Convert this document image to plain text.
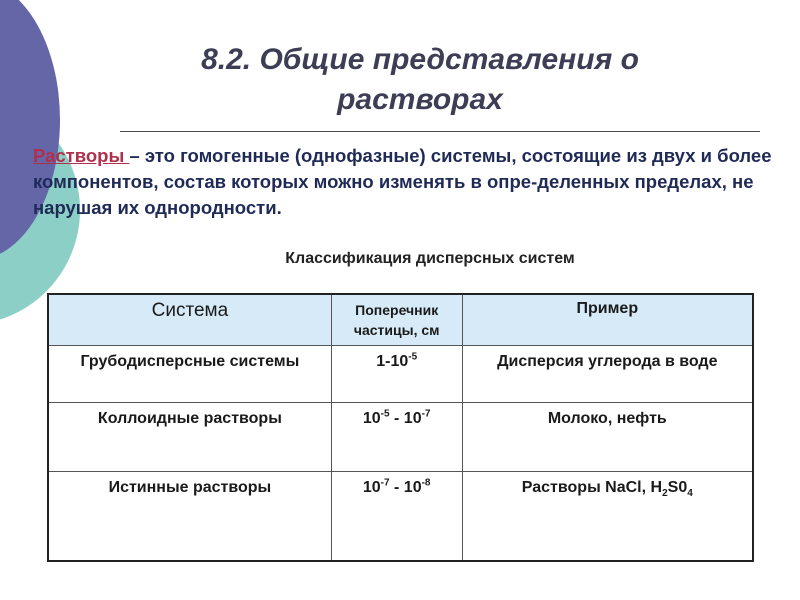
8.2. Общие представления о растворах

Растворы – это гомогенные (однофазные) системы, состоящие из двух и более компонентов, состав которых можно изменять в опре-деленных пределах, не нарушая их однородности.

Классификация дисперсных систем

Система	Поперечник частицы, см	Пример
Грубодисперсные системы	$1-10^{-5}$	Дисперсия углерода в воде
Коллоидные растворы	$10^{-5} - 10^{-7}$	Молоко, нефть
Истинные растворы	$10^{-7} - 10^{-8}$	Растворы NaCl, $H_2S0_4$
